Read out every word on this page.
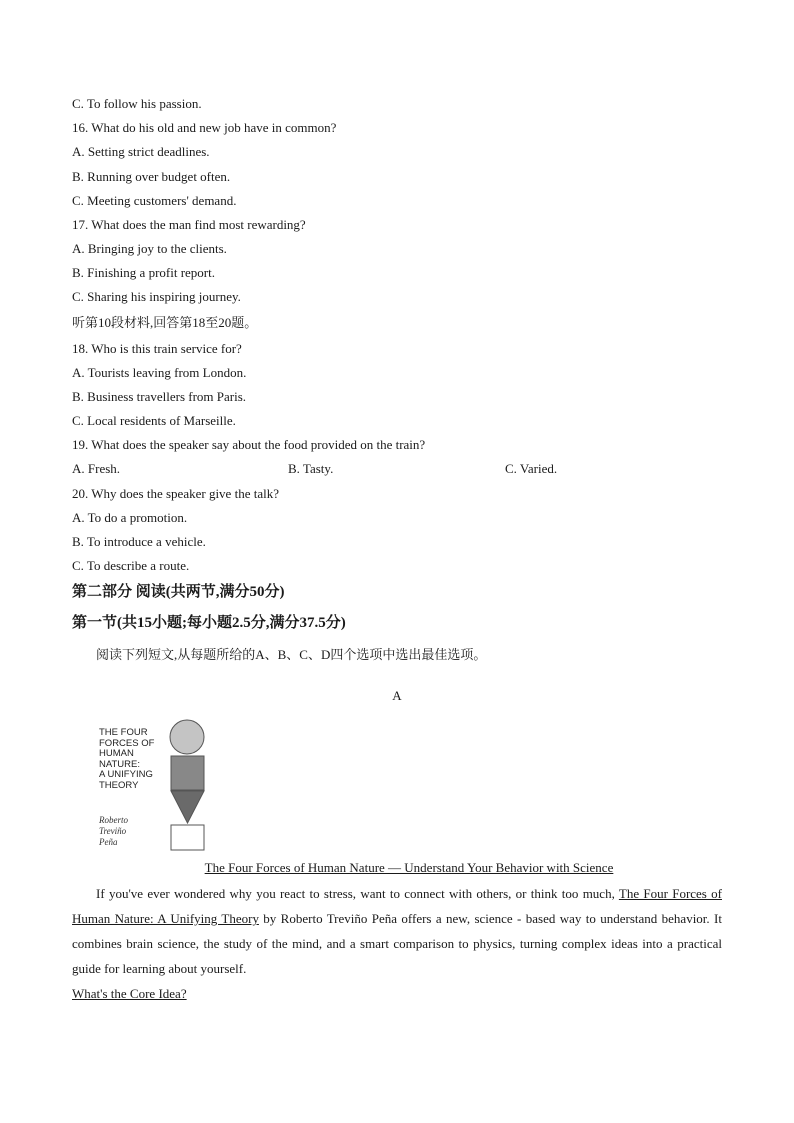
C. To follow his passion.
16. What do his old and new job have in common?
A. Setting strict deadlines.
B. Running over budget often.
C. Meeting customers' demand.
17. What does the man find most rewarding?
A. Bringing joy to the clients.
B. Finishing a profit report.
C. Sharing his inspiring journey.
听第10段材料,回答第18至20题。
18. Who is this train service for?
A. Tourists leaving from London.
B. Business travellers from Paris.
C. Local residents of Marseille.
19. What does the speaker say about the food provided on the train?
A. Fresh.	B. Tasty.	C. Varied.
20. Why does the speaker give the talk?
A. To do a promotion.
B. To introduce a vehicle.
C. To describe a route.
第二部分 阅读(共两节,满分50分)
第一节(共15小题;每小题2.5分,满分37.5分)
阅读下列短文,从每题所给的A、B、C、D四个选项中选出最佳选项。
A
THE FOUR
FORCES OF
HUMAN
NATURE:
A UNIFYING
THEORY
Roberto
Treviño
Peña
The Four Forces of Human Nature — Understand Your Behavior with Science
If you've ever wondered why you react to stress, want to connect with others, or think too much, The Four Forces of Human Nature: A Unifying Theory by Roberto Treviño Peña offers a new, science - based way to understand behavior. It combines brain science, the study of the mind, and a smart comparison to physics, turning complex ideas into a practical guide for learning about yourself.
What's the Core Idea?
